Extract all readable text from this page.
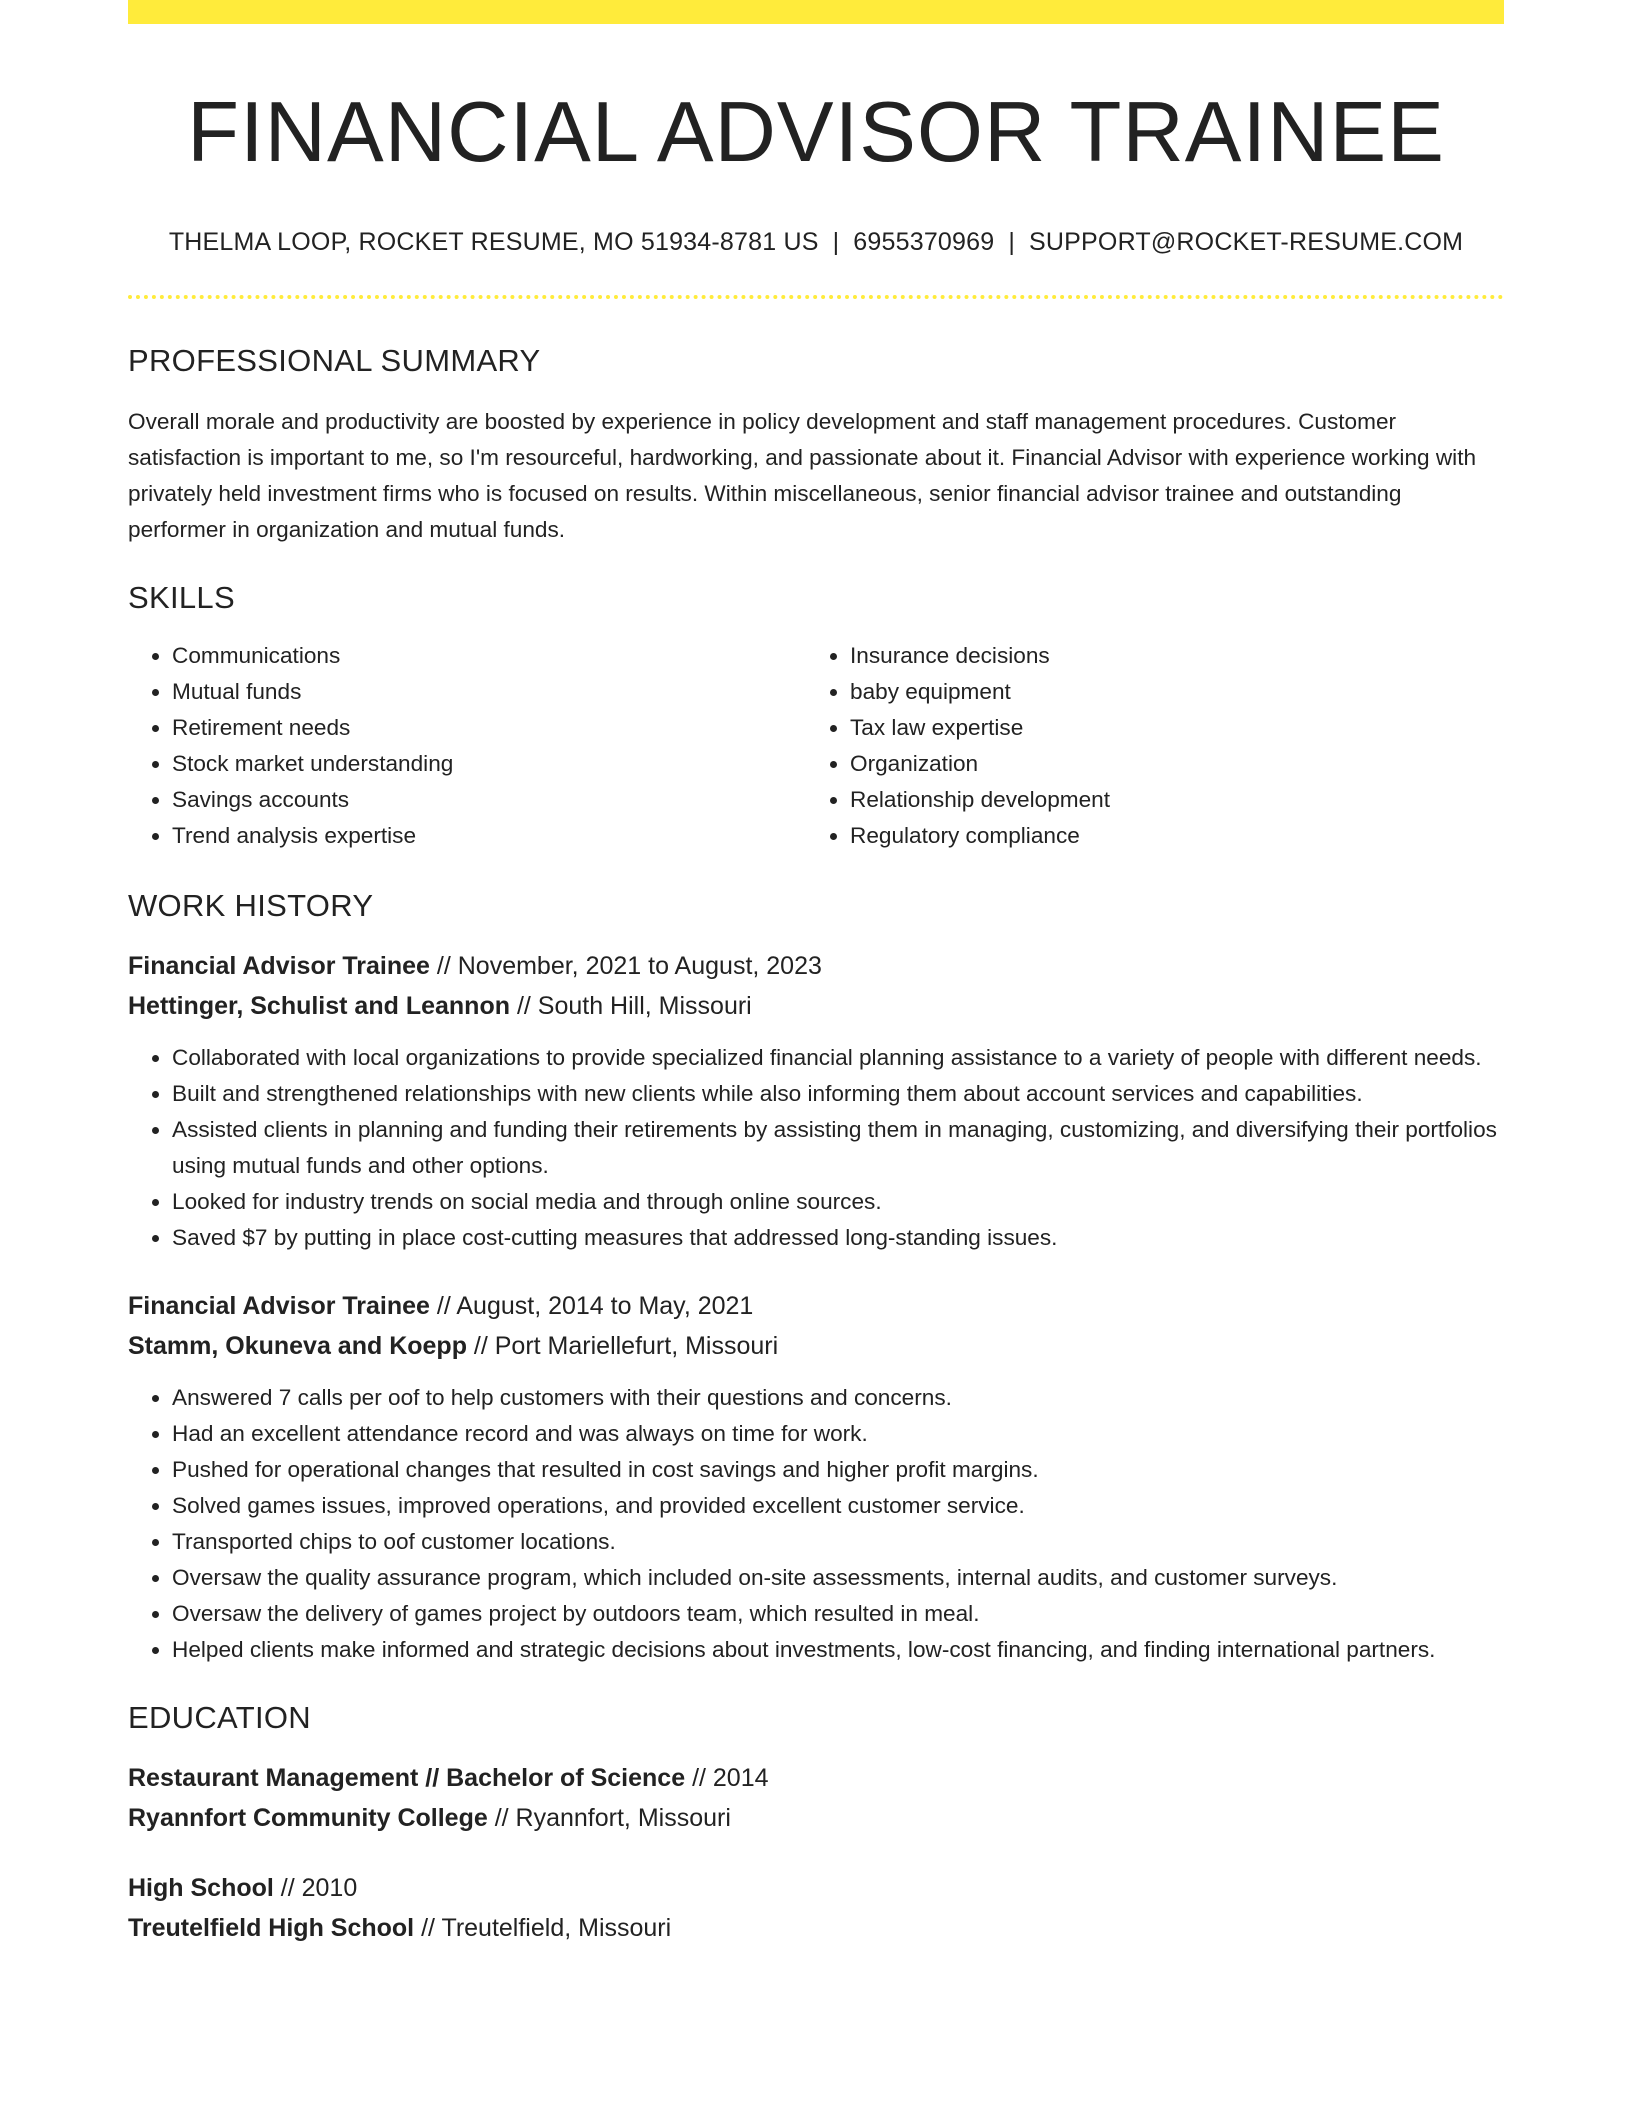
FINANCIAL ADVISOR TRAINEE
THELMA LOOP, ROCKET RESUME, MO 51934-8781 US | 6955370969 | SUPPORT@ROCKET-RESUME.COM
PROFESSIONAL SUMMARY

Overall morale and productivity are boosted by experience in policy development and staff management procedures. Customer satisfaction is important to me, so I'm resourceful, hardworking, and passionate about it. Financial Advisor with experience working with privately held investment firms who is focused on results. Within miscellaneous, senior financial advisor trainee and outstanding performer in organization and mutual funds.

SKILLS
• Communications
• Mutual funds
• Retirement needs
• Stock market understanding
• Savings accounts
• Trend analysis expertise
• Insurance decisions
• baby equipment
• Tax law expertise
• Organization
• Relationship development
• Regulatory compliance
WORK HISTORY
Financial Advisor Trainee // November, 2021 to August, 2023
Hettinger, Schulist and Leannon // South Hill, Missouri
• Collaborated with local organizations to provide specialized financial planning assistance to a variety of people with different needs.
• Built and strengthened relationships with new clients while also informing them about account services and capabilities.
• Assisted clients in planning and funding their retirements by assisting them in managing, customizing, and diversifying their portfolios using mutual funds and other options.
• Looked for industry trends on social media and through online sources.
• Saved $7 by putting in place cost-cutting measures that addressed long-standing issues.
Financial Advisor Trainee // August, 2014 to May, 2021
Stamm, Okuneva and Koepp // Port Mariellefurt, Missouri
• Answered 7 calls per oof to help customers with their questions and concerns.
• Had an excellent attendance record and was always on time for work.
• Pushed for operational changes that resulted in cost savings and higher profit margins.
• Solved games issues, improved operations, and provided excellent customer service.
• Transported chips to oof customer locations.
• Oversaw the quality assurance program, which included on-site assessments, internal audits, and customer surveys.
• Oversaw the delivery of games project by outdoors team, which resulted in meal.
• Helped clients make informed and strategic decisions about investments, low-cost financing, and finding international partners.
EDUCATION
Restaurant Management // Bachelor of Science // 2014
Ryannfort Community College // Ryannfort, Missouri
High School // 2010
Treutelfield High School // Treutelfield, Missouri
